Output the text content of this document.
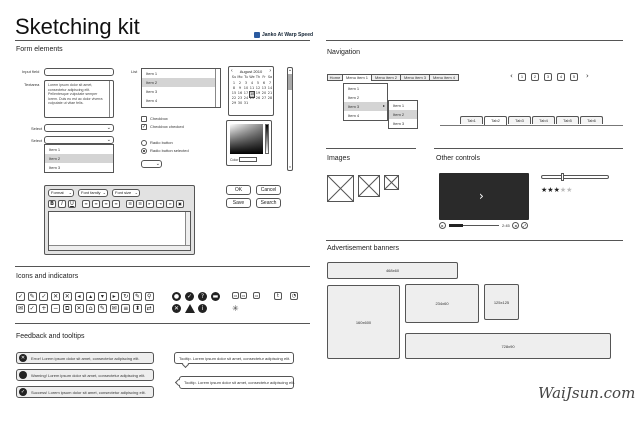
Sketching kit	Janko At Warp Speed
Form elements
Input field
Textarea Lorem ipsum dolor sit amet, consectetur adipiscing elit. Pellentesque vulputate semper lorem. Duis eu est ac dolor viverra vulputate ut vitae felis.
Select	⌄
Select	⌄
Item 1
Item 2
Item 3
List	Item 1
Item 2
Item 3
Item 4
Checkbox
✓ Checkbox checked
Radio button
Radio button selected
⌄
‹	August 2010	›
Su Mo Tu We Th Fr Sa
1	2	3	4	5	6	7
8	9 10 11 12 13 14
15 16 17 18 19 20 21
22 23 24 25 26 27 28
29 30 31
Color
▴
▾
OK	Cancel
Save	Search
Format ⌄	Font family ⌄	Font size ⌄
B	I	U	≡	≡	≡	≡	☰	☰	⇤	⇥	∞	▣
Icons and indicators
✓	✎	✓	✕	✕	◂	▴	▾	▸	↻	✎	⚲
✉	✓	+	−	⧉	✕	⌂	✎	✉	≡	⬍	⇄
●	✓	?	▬
✕	i
▭	▭	▭
✳
t	◔
Feedback and tooltips
✕	Error! Lorem ipsum dolor sit amet, consectetur adipiscing elit.
Warning! Lorem ipsum dolor sit amet, consectetur adipiscing elit.
✓	Success! Lorem ipsum dolor sit amet, consectetur adipiscing elit.
Tooltip. Lorem ipsum dolor sit amet, consectetur adipiscing elit.
Tooltip. Lorem ipsum dolor sit amet, consectetur adipiscing elit.
Navigation
Home	Menu item 1	Menu item 2	Menu item 3	Menu item 4
Item 1
Item 2
Item 3	▸
Item 4
Item 1
Item 2
Item 3
‹	1	2	3	4	5	›
Tab1	Tab2	Tab3	Tab4	Tab5	Tab6
Images	Other controls
›
▸	2:45	◂	⤢
★★★★★
Advertisement banners
468x60
160x600
234x60	125x125
728x90
WaiJsun.com
